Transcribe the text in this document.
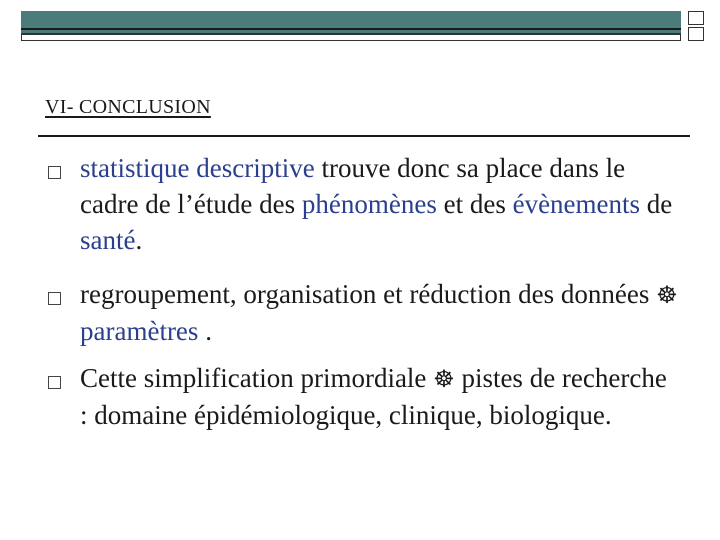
VI- CONCLUSION
statistique descriptive trouve donc sa place dans le cadre de l’étude des phénomènes et des évènements de santé.
regroupement, organisation et réduction des données ☸ paramètres .
Cette simplification primordiale ☸ pistes de recherche : domaine épidémiologique, clinique, biologique.
